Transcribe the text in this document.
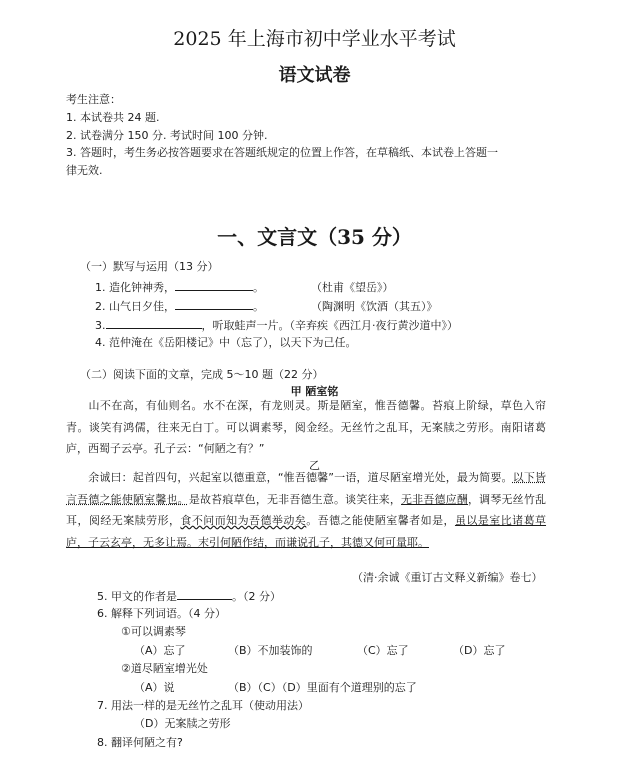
2025 年上海市初中学业水平考试
语文试卷
考生注意：
1. 本试卷共 24 题.
2. 试卷满分 150 分. 考试时间 100 分钟.
3. 答题时，考生务必按答题要求在答题纸规定的位置上作答，在草稿纸、本试卷上答题一
律无效.
一、文言文（35 分）
（一）默写与运用（13 分）
1. 造化钟神秀，	。	（杜甫《望岳》）
2. 山气日夕佳，	。	（陶渊明《饮酒（其五）》
3.	，听取蛙声一片。（辛弃疾《西江月·夜行黄沙道中》）
4. 范仲淹在《岳阳楼记》中（忘了），以天下为己任。
（二）阅读下面的文章，完成 5～10 题（22 分）
甲 陋室铭
山不在高，有仙则名。水不在深，有龙则灵。斯是陋室，惟吾德馨。苔痕上阶绿，草色入帘青。谈笑有鸿儒，往来无白丁。可以调素琴，阅金经。无丝竹之乱耳，无案牍之劳形。南阳诸葛庐，西蜀子云亭。孔子云：“何陋之有？”
乙
余诚曰：起首四句，兴起室以德重意，“惟吾德馨”一语，道尽陋室增光处，最为简要。以下皆言吾德之能使陋室馨也。是故苔痕草色，无非吾德生意。谈笑往来，无非吾德应酬，调琴无丝竹乱耳，阅经无案牍劳形，食不问而知为吾德举动矣。吾德之能使陋室馨者如是，虽以是室比诸葛草庐，子云玄亭，无多让焉。末引何陋作结，而谦说孔子，其德又何可量耶。
（清·余诚《重订古文释义新编》卷七）
5. 甲文的作者是	。（2 分）
6. 解释下列词语。（4 分）
①可以调素琴
（A）忘了	（B）不加装饰的	（C）忘了	（D）忘了
②道尽陋室增光处
（A）说	（B）（C）（D）里面有个道理别的忘了
7. 用法一样的是无丝竹之乱耳（使动用法）
（D）无案牍之劳形
8. 翻译何陋之有?
